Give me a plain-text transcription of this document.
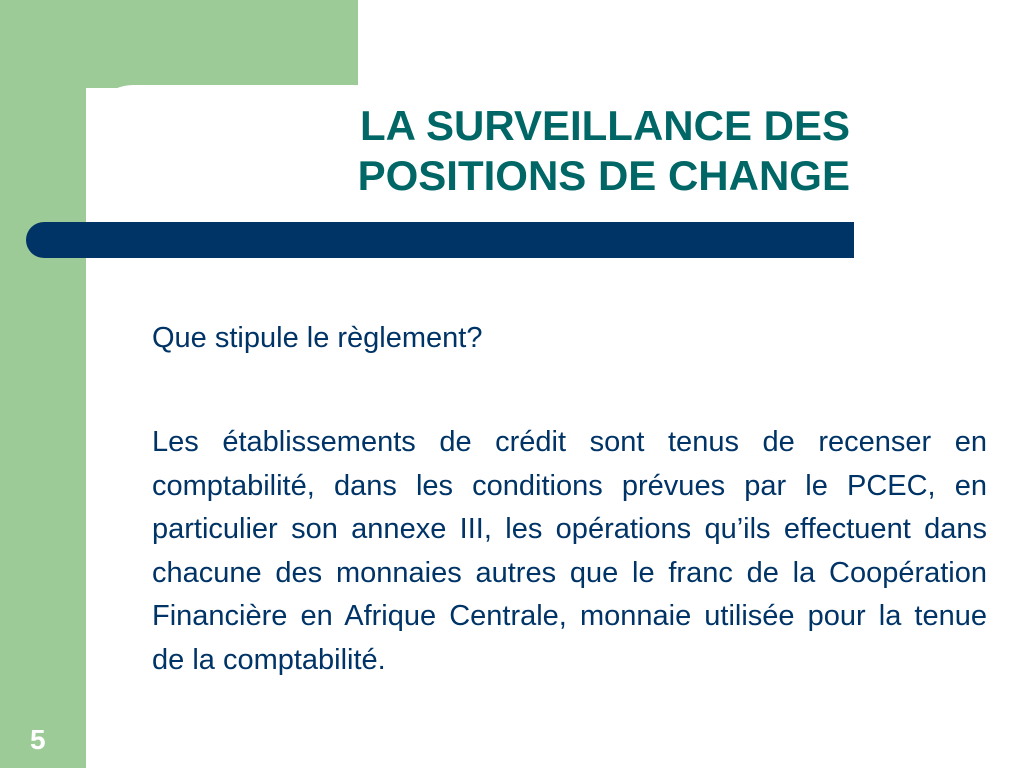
LA SURVEILLANCE DES
POSITIONS DE CHANGE

Que stipule le règlement?

Les établissements de crédit sont tenus de recenser en comptabilité, dans les conditions prévues par le PCEC, en particulier son annexe III, les opérations qu’ils effectuent dans chacune des monnaies autres que le franc de la Coopération Financière en Afrique Centrale, monnaie utilisée pour la tenue de la comptabilité.

5
